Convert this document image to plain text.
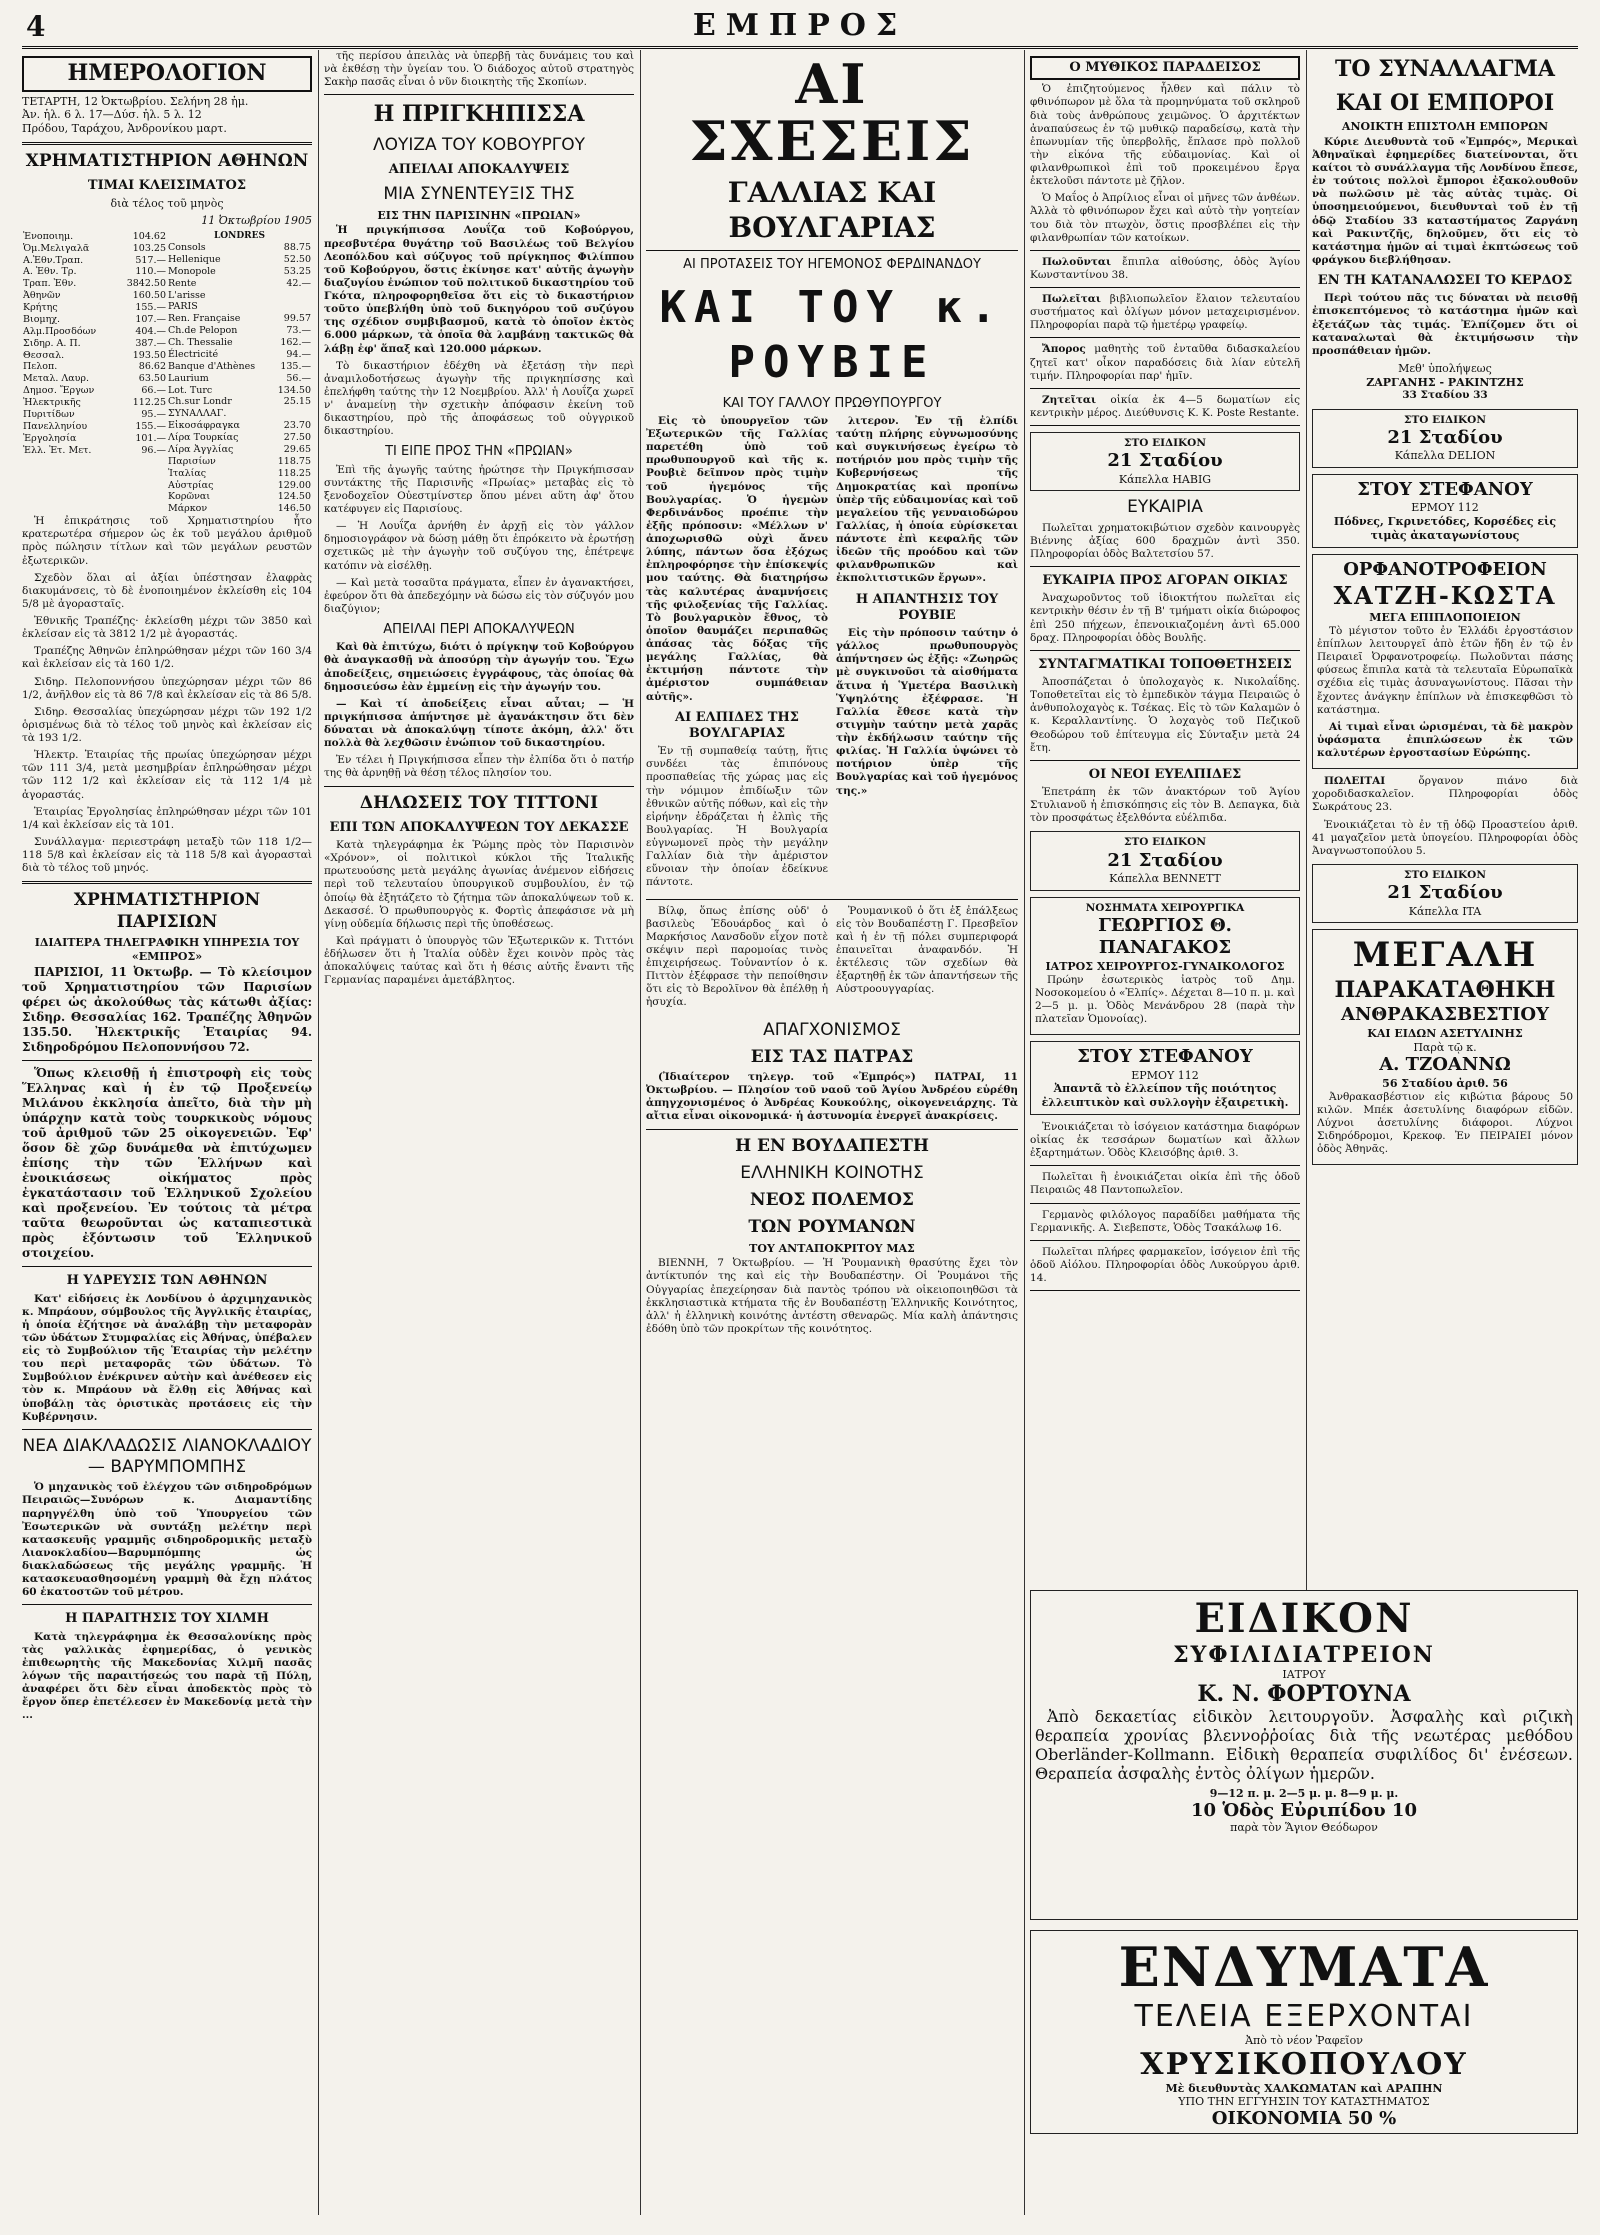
4	ΕΜΠΡΟΣ
ΗΜΕΡΟΛΟΓΙΟΝ
ΤΕΤΑΡΤΗ, 12 Ὀκτωβρίου. Σελήνη 28 ἡμ.
Ἀν. ἡλ. 6 λ. 17—Δύσ. ἡλ. 5 λ. 12
Πρόδου, Ταράχου, Ἀνδρονίκου μαρτ.
ΧΡΗΜΑΤΙΣΤΗΡΙΟΝ ΑΘΗΝΩΝ
ΤΙΜΑΙ ΚΛΕΙΣΙΜΑΤΟΣ
διὰ τέλος τοῦ μηνὸς
11 Ὀκτωβρίου 1905
Ἐνοπoιημ.	104.62
Ὁμ.Μελιγαλᾶ	103.25
Α.Ἐθν.Τραπ.	517.—
Α. Ἐθν. Τρ.	110.—
Τραπ. Ἐθν.	3842.50
Ἀθηνῶν	160.50
Κρήτης	155.—
Βιομηχ.	107.—
Αλμ.Προσδόων	404.—
Σιδηρ. Α. Π.	387.—
Θεσσαλ.	193.50
Πελοπ.	86.62
Μεταλ. Λαυρ.	63.50
Δημοσ. Ἔργων	66.—
Ἠλεκτρικῆς	112.25
Πυριτίδων	95.—
Πανελληνίου	155.—
Ἐργολησία	101.—
Ἑλλ. Ἐτ. Μετ.	96.—
LONDRES
Consols	88.75
Hellenique	52.50
Monopole	53.25
Rente	42.—
L'arisse	
PARIS	
Ren. Française	99.57
Ch.de Pelopon	73.—
Ch. Thessalie	162.—
Électricité	94.—
Banque d'Athènes	135.—
Laurium	56.—
Lot. Turc	134.50
Ch.sur Londr	25.15
ΣΥΝΑΛΛΑΓ.	
Εἰκοσάφραγκα	23.70
Λίρα Τουρκίας	27.50
Λίρα Ἀγγλίας	29.65
Παρισίων	118.75
Ἰταλίας	118.25
Αὐστρίας	129.00
Κορῶναι	124.50
Μάρκον	146.50

Ἡ ἐπικράτησις τοῦ Χρηματιστηρίου ἦτο κρατερωτέρα σήμερον ὡς ἐκ τοῦ μεγάλου ἀριθμοῦ πρὸς πώλησιν τίτλων καὶ τῶν μεγάλων ρευστῶν ἐξωτερικῶν.

Σχεδὸν ὅλαι αἱ ἀξίαι ὑπέστησαν ἐλαφρὰς διακυμάνσεις, τὸ δὲ ἐνοποιημένον ἐκλείσθη εἰς 104 5/8 μὲ ἀγορασταῖς.

Ἐθνικῆς Τραπέζης· ἐκλείσθη μέχρι τῶν 3850 καὶ ἐκλείσαν εἰς τὰ 3812 1/2 μὲ ἀγοραστάς.

Τραπέζης Ἀθηνῶν ἐπληρώθησαν μέχρι τῶν 160 3/4 καὶ ἐκλείσαν εἰς τὰ 160 1/2.

Σιδηρ. Πελοποννήσου ὑπεχώρησαν μέχρι τῶν 86 1/2, ἀνῆλθον εἰς τὰ 86 7/8 καὶ ἐκλείσαν εἰς τὰ 86 5/8.

Σιδηρ. Θεσσαλίας ὑπεχώρησαν μέχρι τῶν 192 1/2 ὁρισμένως διὰ τὸ τέλος τοῦ μηνὸς καὶ ἐκλείσαν εἰς τὰ 193 1/2.

Ἠλεκτρ. Ἑταιρίας τῆς πρωίας ὑπεχώρησαν μέχρι τῶν 111 3/4, μετὰ μεσημβρίαν ἐπληρώθησαν μέχρι τῶν 112 1/2 καὶ ἐκλείσαν εἰς τὰ 112 1/4 μὲ ἀγοραστάς.

Ἑταιρίας Ἐργολησίας ἐπληρώθησαν μέχρι τῶν 101 1/4 καὶ ἐκλείσαν εἰς τὰ 101.

Συνάλλαγμα· περιεστράφη μεταξὺ τῶν 118 1/2—118 5/8 καὶ ἐκλείσαν εἰς τὰ 118 5/8 καὶ ἀγορασταὶ διὰ τὸ τέλος τοῦ μηνός.

ΧΡΗΜΑΤΙΣΤΗΡΙΟΝ ΠΑΡΙΣΙΩΝ
ΙΔΙΑΙΤΕΡΑ ΤΗΛΕΓΡΑΦΙΚΗ ΥΠΗΡΕΣΙΑ ΤΟΥ «ΕΜΠΡΟΣ»

ΠΑΡΙΣΙΟΙ, 11 Ὀκτωβρ. — Τὸ κλείσιμον τοῦ Χρηματιστηρίου τῶν Παρισίων φέρει ὡς ἀκολούθως τὰς κάτωθι ἀξίας: Σιδηρ. Θεσσαλίας 162. Τραπέζης Ἀθηνῶν 135.50. Ἠλεκτρικῆς Ἑταιρίας 94. Σιδηροδρόμου Πελοποννήσου 72.

Ὅπως κλεισθῇ ἡ ἐπιστροφὴ εἰς τοὺς Ἕλληνας καὶ ἡ ἐν τῷ Προξενείῳ Μιλάνου ἐκκλησία ἀπεῖτο, διὰ τὴν μὴ ὑπάρχην κατὰ τοὺς τουρκικοὺς νόμους τοῦ ἀριθμοῦ τῶν 25 οἰκογενειῶν. Ἐφ' ὅσον δὲ χῶρ δυνάμεθα νὰ ἐπιτύχωμεν ἐπίσης τὴν τῶν Ἑλλήνων καὶ ἐνοικιάσεως οἰκήματος πρὸς ἐγκατάστασιν τοῦ Ἑλληνικοῦ Σχολείου καὶ προξενείου. Ἐν τούτοις τὰ μέτρα ταῦτα θεωροῦνται ὡς καταπιεστικὰ πρὸς ἐξόντωσιν τοῦ Ἑλληνικοῦ στοιχείου.

Η ΥΔΡΕΥΣΙΣ ΤΩΝ ΑΘΗΝΩΝ

Κατ' εἰδήσεις ἐκ Λονδίνου ὁ ἀρχιμηχανικὸς κ. Μπράουν, σύμβουλος τῆς Ἀγγλικῆς ἑταιρίας, ἡ ὁποία ἐζήτησε νὰ ἀναλάβῃ τὴν μεταφορὰν τῶν ὑδάτων Στυμφαλίας εἰς Ἀθήνας, ὑπέβαλεν εἰς τὸ Συμβούλιον τῆς Ἑταιρίας τὴν μελέτην του περὶ μεταφορᾶς τῶν ὑδάτων. Τὸ Συμβούλιον ἐνέκρινεν αὐτὴν καὶ ἀνέθεσεν εἰς τὸν κ. Μπράουν νὰ ἔλθῃ εἰς Ἀθήνας καὶ ὑποβάλῃ τὰς ὁριστικὰς προτάσεις εἰς τὴν Κυβέρνησιν.

ΝΕΑ ΔΙΑΚΛΑΔΩΣΙΣ ΛΙΑΝΟΚΛΑΔΙΟΥ — ΒΑΡΥΜΠΟΜΠΗΣ

Ὁ μηχανικὸς τοῦ ἐλέγχου τῶν σιδηροδρόμων Πειραιῶς—Συνόρων κ. Διαμαντίδης παρηγγέλθη ὑπὸ τοῦ Ὑπουργείου τῶν Ἐσωτερικῶν νὰ συντάξῃ μελέτην περὶ κατασκευῆς γραμμῆς σιδηροδρομικῆς μεταξὺ Λιανοκλαδίου—Βαρυμπόμπης ὡς διακλαδώσεως τῆς μεγάλης γραμμῆς. Ἡ κατασκευασθησομένη γραμμὴ θὰ ἔχῃ πλάτος 60 ἑκατοστῶν τοῦ μέτρου.

Η ΠΑΡΑΙΤΗΣΙΣ ΤΟΥ ΧΙΛΜΗ

Κατὰ τηλεγράφημα ἐκ Θεσσαλονίκης πρὸς τὰς γαλλικὰς ἐφημερίδας, ὁ γενικὸς ἐπιθεωρητὴς τῆς Μακεδονίας Χιλμῆ πασᾶς λόγων τῆς παραιτήσεώς του παρὰ τῇ Πύλῃ, ἀναφέρει ὅτι δὲν εἶναι ἀποδεκτὸς πρὸς τὸ ἔργον ὅπερ ἐπετέλεσεν ἐν Μακεδονίᾳ μετὰ τὴν ...

τῆς περίσου ἀπειλὰς νὰ ὑπερβῇ τὰς δυνάμεις του καὶ νὰ ἐκθέσῃ τὴν ὑγείαν του. Ὁ διάδοχος αὐτοῦ στρατηγὸς Σακὴρ πασᾶς εἶναι ὁ νῦν διοικητὴς τῆς Σκοπίων.

Η ΠΡΙΓΚΗΠΙΣΣΑ
ΛΟΥΙΖΑ ΤΟΥ ΚΟΒΟΥΡΓΟΥ
ΑΠΕΙΛΑΙ ΑΠΟΚΑΛΥΨΕΙΣ
ΜΙΑ ΣΥΝΕΝΤΕΥΞΙΣ ΤΗΣ
ΕΙΣ ΤΗΝ ΠΑΡΙΣΙΝΗΝ «ΠΡΩΙΑΝ»

Ἡ πριγκήπισσα Λουΐζα τοῦ Κοβούργου, πρεσβυτέρα θυγάτηρ τοῦ Βασιλέως τοῦ Βελγίου Λεοπόλδου καὶ σύζυγος τοῦ πρίγκηπος Φιλίππου τοῦ Κοβούργου, ὅστις ἐκίνησε κατ' αὐτῆς ἀγωγὴν διαζυγίου ἐνώπιον τοῦ πολιτικοῦ δικαστηρίου τοῦ Γκότα, πληροφορηθεῖσα ὅτι εἰς τὸ δικαστήριον τοῦτο ὑπεβλήθη ὑπὸ τοῦ δικηγόρου τοῦ συζύγου της σχέδιον συμβιβασμοῦ, κατὰ τὸ ὁποῖον ἐκτὸς 6.000 μάρκων, τὰ ὁποῖα θὰ λαμβάνῃ τακτικῶς θὰ λάβῃ ἐφ' ἅπαξ καὶ 120.000 μάρκων.

Τὸ δικαστήριον ἐδέχθη νὰ ἐξετάσῃ τὴν περὶ ἀναμιλοδοτήσεως ἀγωγὴν τῆς πριγκηπίσσης καὶ ἐπελήφθη ταύτης τὴν 12 Νοεμβρίου. Ἀλλ' ἡ Λουΐζα χωρεῖ ν' ἀναμείνῃ τὴν σχετικὴν ἀπόφασιν ἐκείνη τοῦ δικαστηρίου, πρὸ τῆς ἀποφάσεως τοῦ οὐγγρικοῦ δικαστηρίου.

ΤΙ ΕΙΠΕ ΠΡΟΣ ΤΗΝ «ΠΡΩΙΑΝ»

Ἐπὶ τῆς ἀγωγῆς ταύτης ἠρώτησε τὴν Πριγκήπισσαν συντάκτης τῆς Παρισινῆς «Πρωίας» μεταβὰς εἰς τὸ ξενοδοχεῖον Οὐεστμίνστερ ὅπου μένει αὕτη ἀφ' ὅτου κατέφυγεν εἰς Παρισίους.

— Ἡ Λουΐζα ἀρνήθη ἐν ἀρχῇ εἰς τὸν γάλλον δημοσιογράφον νὰ δώσῃ μάθῃ ὅτι ἐπρόκειτο νὰ ἐρωτήσῃ σχετικῶς μὲ τὴν ἀγωγὴν τοῦ συζύγου της, ἐπέτρεψε κατόπιν νὰ εἰσέλθῃ.

— Καὶ μετὰ τοσαῦτα πράγματα, εἶπεν ἐν ἀγανακτήσει, ἐφεύρον ὅτι θὰ ἀπεδεχόμην νὰ δώσω εἰς τὸν σύζυγόν μου διαζύγιον;

ΑΠΕΙΛΑΙ ΠΕΡΙ ΑΠΟΚΑΛΥΨΕΩΝ

Καὶ θὰ ἐπιτύχω, διότι ὁ πρίγκηψ τοῦ Κοβούργου θὰ ἀναγκασθῇ νὰ ἀποσύρῃ τὴν ἀγωγήν του. Ἔχω ἀποδείξεις, σημειώσεις ἐγγράφους, τὰς ὁποίας θὰ δημοσιεύσω ἐὰν ἐμμείνῃ εἰς τὴν ἀγωγήν του.

— Καὶ τί ἀποδείξεις εἶναι αὗται; — Ἡ πριγκήπισσα ἀπήντησε μὲ ἀγανάκτησιν ὅτι δὲν δύναται νὰ ἀποκαλύψῃ τίποτε ἀκόμη, ἀλλ' ὅτι πολλὰ θὰ λεχθῶσιν ἐνώπιον τοῦ δικαστηρίου.

Ἐν τέλει ἡ Πριγκήπισσα εἶπεν τὴν ἐλπίδα ὅτι ὁ πατήρ της θὰ ἀρνηθῇ νὰ θέσῃ τέλος πλησίον του.

ΔΗΛΩΣΕΙΣ ΤΟΥ ΤΙΤΤΟΝΙ
ΕΠΙ ΤΩΝ ΑΠΟΚΑΛΥΨΕΩΝ ΤΟΥ ΔΕΚΑΣΣΕ

Κατὰ τηλεγράφημα ἐκ Ῥώμης πρὸς τὸν Παρισινὸν «Χρόνον», οἱ πολιτικοὶ κύκλοι τῆς Ἰταλικῆς πρωτευούσης μετὰ μεγάλης ἀγωνίας ἀνέμενον εἰδήσεις περὶ τοῦ τελευταίου ὑπουργικοῦ συμβουλίου, ἐν τῷ ὁποίῳ θὰ ἐξητάζετο τὸ ζήτημα τῶν ἀποκαλύψεων τοῦ κ. Δεκασσέ. Ὁ πρωθυπουργὸς κ. Φορτὶς ἀπεφάσισε νὰ μὴ γίνῃ οὐδεμία δήλωσις περὶ τῆς ὑποθέσεως.

Καὶ πράγματι ὁ ὑπουργὸς τῶν Ἐξωτερικῶν κ. Τιττόνι ἐδήλωσεν ὅτι ἡ Ἰταλία οὐδὲν ἔχει κοινὸν πρὸς τὰς ἀποκαλύψεις ταύτας καὶ ὅτι ἡ θέσις αὐτῆς ἔναντι τῆς Γερμανίας παραμένει ἀμετάβλητος.

ΑΙ ΣΧΕΣΕΙΣ
ΓΑΛΛΙΑΣ ΚΑΙ ΒΟΥΛΓΑΡΙΑΣ
ΑΙ ΠΡΟΤΑΣΕΙΣ ΤΟΥ ΗΓΕΜΟΝΟΣ ΦΕΡΔΙΝΑΝΔΟΥ
ΚΑΙ ΤΟΥ κ. ΡΟΥΒΙΕ
ΚΑΙ ΤΟΥ ΓΑΛΛΟΥ ΠΡΩΘΥΠΟΥΡΓΟΥ

Εἰς τὸ ὑπουργεῖον τῶν Ἐξωτερικῶν τῆς Γαλλίας παρετέθη ὑπὸ τοῦ πρωθυπουργοῦ καὶ τῆς κ. Ρουβιὲ δεῖπνον πρὸς τιμὴν τοῦ ἡγεμόνος τῆς Βουλγαρίας. Ὁ ἡγεμὼν Φερδινάνδος προέπιε τὴν ἑξῆς πρόποσιν: «Μέλλων ν' ἀποχωρισθῶ οὐχὶ ἄνευ λύπης, πάντων ὅσα ἐξόχως ἐπληροφόρησε τὴν ἐπίσκεψίς μου ταύτης. Θὰ διατηρήσω τὰς καλυτέρας ἀναμνήσεις τῆς φιλοξενίας τῆς Γαλλίας. Τὸ βουλγαρικὸν ἔθνος, τὸ ὁποῖον θαυμάζει περιπαθῶς ἀπάσας τὰς δόξας τῆς μεγάλης Γαλλίας, θὰ ἐκτιμήσῃ πάντοτε τὴν ἀμέριστον συμπάθειαν αὐτῆς».

ΑΙ ΕΛΠΙΔΕΣ ΤΗΣ ΒΟΥΛΓΑΡΙΑΣ

Ἐν τῇ συμπαθείᾳ ταύτῃ, ἥτις συνδέει τὰς ἐπιπόνους προσπαθείας τῆς χώρας μας εἰς τὴν νόμιμον ἐπιδίωξιν τῶν ἐθνικῶν αὐτῆς πόθων, καὶ εἰς τὴν εἰρήνην ἐδράζεται ἡ ἐλπὶς τῆς Βουλγαρίας. Ἡ Βουλγαρία εὐγνωμονεῖ πρὸς τὴν μεγάλην Γαλλίαν διὰ τὴν ἀμέριστον εὔνοιαν τὴν ὁποίαν ἐδείκνυε πάντοτε.

λιτερον. Ἐν τῇ ἐλπίδι ταύτῃ πλήρης εὐγνωμοσύνης καὶ συγκινήσεως ἐγείρω τὸ ποτήριόν μου πρὸς τιμὴν τῆς Κυβερνήσεως τῆς Δημοκρατίας καὶ προπίνω ὑπὲρ τῆς εὐδαιμονίας καὶ τοῦ μεγαλείου τῆς γενναιοδώρου Γαλλίας, ἡ ὁποία εὑρίσκεται πάντοτε ἐπὶ κεφαλῆς τῶν ἰδεῶν τῆς προόδου καὶ τῶν φιλανθρωπικῶν καὶ ἐκπολιτιστικῶν ἔργων».

Η ΑΠΑΝΤΗΣΙΣ ΤΟΥ ΡΟΥΒΙΕ

Εἰς τὴν πρόποσιν ταύτην ὁ γάλλος πρωθυπουργὸς ἀπήντησεν ὡς ἑξῆς: «Ζωηρῶς μὲ συγκινοῦσι τὰ αἰσθήματα ἅτινα ἡ Ὑμετέρα Βασιλικὴ Ὑψηλότης ἐξέφρασε. Ἡ Γαλλία ἔθεσε κατὰ τὴν στιγμὴν ταύτην μετὰ χαρᾶς τὴν ἐκδήλωσιν ταύτην τῆς φιλίας. Ἡ Γαλλία ὑψώνει τὸ ποτήριον ὑπὲρ τῆς Βουλγαρίας καὶ τοῦ ἡγεμόνος της.»

Βίλφ, ὅπως ἐπίσης οὐδ' ὁ βασιλεὺς Ἐδουάρδος καὶ ὁ Μαρκήσιος Λανσδοῦν εἶχον ποτὲ σκέψιν περὶ παρομοίας τινὸς ἐπιχειρήσεως. Τοὐναντίον ὁ κ. Πιττὸν ἐξέφρασε τὴν πεποίθησιν ὅτι εἰς τὸ Βερολῖνον θὰ ἐπέλθῃ ἡ ἡσυχία.

Ῥουμανικοῦ ὁ ὅτι ἐξ ἐπάλξεως εἰς τὸν Βουδαπέστῃ Γ. Πρεσβεῖον καὶ ἡ ἐν τῇ πόλει συμπεριφορά ἐπαινεῖται ἀναφανδόν. Ἡ ἐκτέλεσις τῶν σχεδίων θὰ ἐξαρτηθῇ ἐκ τῶν ἀπαντήσεων τῆς Αὐστροουγγαρίας.

ΑΠΑΓΧΟΝΙΣΜΟΣ
ΕΙΣ ΤΑΣ ΠΑΤΡΑΣ

(Ἰδιαίτερον τηλεγρ. τοῦ «Ἐμπρός») ΠΑΤΡΑΙ, 11 Ὀκτωβρίου. — Πλησίον τοῦ ναοῦ τοῦ Ἁγίου Ἀνδρέου εὑρέθη ἀπηγχονισμένος ὁ Ἀνδρέας Κουκούλης, οἰκογενειάρχης. Τὰ αἴτια εἶναι οἰκονομικά· ἡ ἀστυνομία ἐνεργεῖ ἀνακρίσεις.

Η ΕΝ ΒΟΥΔΑΠΕΣΤΗ
ΕΛΛΗΝΙΚΗ ΚΟΙΝΟΤΗΣ
ΝΕΟΣ ΠΟΛΕΜΟΣ
ΤΩΝ ΡΟΥΜΑΝΩΝ
ΤΟΥ ΑΝΤΑΠΟΚΡΙΤΟΥ ΜΑΣ

ΒΙΕΝΝΗ, 7 Ὀκτωβρίου. — Ἡ Ῥουμανικὴ θρασύτης ἔχει τὸν ἀντίκτυπόν της καὶ εἰς τὴν Βουδαπέστην. Οἱ Ῥουμάνοι τῆς Οὐγγαρίας ἐπεχείρησαν διὰ παντὸς τρόπου νὰ οἰκειοποιηθῶσι τὰ ἐκκλησιαστικὰ κτήματα τῆς ἐν Βουδαπέστῃ Ἑλληνικῆς Κοινότητος, ἀλλ' ἡ ἑλληνικὴ κοινότης ἀντέστη σθεναρῶς. Μία καλὴ ἀπάντησις ἐδόθη ὑπὸ τῶν προκρίτων τῆς κοινότητος.

Ο ΜΥΘΙΚΟΣ ΠΑΡΑΔΕΙΣΟΣ

Ὁ ἐπιζητούμενος ἦλθεν καὶ πάλιν τὸ φθινόπωρον μὲ ὅλα τὰ προμηνύματα τοῦ σκληροῦ διὰ τοὺς ἀνθρώπους χειμῶνος. Ὁ ἀρχιτέκτων ἀναπαύσεως ἐν τῷ μυθικῷ παραδείσῳ, κατὰ τὴν ἐπωνυμίαν τῆς ὑπερβολῆς, ἔπλασε πρὸ πολλοῦ τὴν εἰκόνα τῆς εὐδαιμονίας. Καὶ οἱ φιλανθρωπικοὶ ἐπὶ τοῦ προκειμένου ἔργα ἐκτελοῦσι πάντοτε μὲ ζῆλον.

Ὁ Μαΐος ὁ Ἀπρίλιος εἶναι οἱ μῆνες τῶν ἀνθέων. Ἀλλὰ τὸ φθινόπωρον ἔχει καὶ αὐτὸ τὴν γοητείαν του διὰ τὸν πτωχὸν, ὅστις προσβλέπει εἰς τὴν φιλανθρωπίαν τῶν κατοίκων.

Πωλοῦνται ἔπιπλα αἰθούσης, ὁδὸς Ἁγίου Κωνσταντίνου 38.

Πωλεῖται βιβλιοπωλεῖον ἔλαιον τελευταίου συστήματος καὶ ὀλίγων μόνον μεταχειρισμένον. Πληροφορίαι παρὰ τῷ ἡμετέρῳ γραφείῳ.

Ἄπορος μαθητὴς τοῦ ἐνταῦθα διδασκαλείου ζητεῖ κατ' οἶκον παραδόσεις διὰ λίαν εὐτελῆ τιμήν. Πληροφορίαι παρ' ἡμῖν.

Ζητεῖται οἰκία ἐκ 4—5 δωματίων εἰς κεντρικὴν μέρος. Διεύθυνσις Κ. Κ. Poste Restante.

ΣΤΟ ΕΙΔΙΚΟΝ
21 Σταδίου
Κάπελλα HABIG
ΕΥΚΑΙΡΙΑ

Πωλεῖται χρηματοκιβώτιον σχεδὸν καινουργὲς Βιέννης ἀξίας 600 δραχμῶν ἀντὶ 350. Πληροφορίαι ὁδὸς Βαλτετσίου 57.

ΕΥΚΑΙΡΙΑ ΠΡΟΣ ΑΓΟΡΑΝ ΟΙΚΙΑΣ

Ἀναχωροῦντος τοῦ ἰδιοκτήτου πωλεῖται εἰς κεντρικὴν θέσιν ἐν τῇ Β' τμήματι οἰκία διώροφος ἐπὶ 250 πήχεων, ἐπενοικιαζομένη ἀντὶ 65.000 δραχ. Πληροφορίαι ὁδὸς Βουλῆς.

ΣΥΝΤΑΓΜΑΤΙΚΑΙ ΤΟΠΟΘΕΤΗΣΕΙΣ

Ἀποσπάζεται ὁ ὑπολοχαγὸς κ. Νικολαΐδης. Τοποθετεῖται εἰς τὸ ἐμπεδικὸν τάγμα Πειραιῶς ὁ ἀνθυπολοχαγὸς κ. Τσέκας. Εἰς τὸ τῶν Καλαμῶν ὁ κ. Κεραλλαντίνης. Ὁ λοχαγὸς τοῦ Πεζικοῦ Θεοδώρου τοῦ ἐπίτευγμα εἰς Σύνταξιν μετὰ 24 ἔτη.

ΟΙ ΝΕΟΙ ΕΥΕΛΠΙΔΕΣ

Ἐπετράπη ἐκ τῶν ἀνακτόρων τοῦ Ἁγίου Στυλιανοῦ ἡ ἐπισκόπησις εἰς τὸν Β. Δεπαγκα, διὰ τὸν προσφάτως ἐξελθόντα εὐέλπιδα.

ΣΤΟ ΕΙΔΙΚΟΝ
21 Σταδίου
Κάπελλα BENNETT
ΝΟΣΗΜΑΤΑ ΧΕΙΡΟΥΡΓΙΚΑ
ΓΕΩΡΓΙΟΣ Θ. ΠΑΝΑΓΑΚΟΣ
ΙΑΤΡΟΣ ΧΕΙΡΟΥΡΓΟΣ-ΓΥΝΑΙΚΟΛΟΓΟΣ

Πρώην ἐσωτερικὸς ἰατρὸς τοῦ Δημ. Νοσοκομείου ὁ «Ἐλπίς». Δέχεται 8—10 π. μ. καὶ 2—5 μ. μ. Ὁδὸς Μενάνδρου 28 (παρὰ τὴν πλατεῖαν Ὁμονοίας).

ΣΤΟΥ ΣΤΕΦΑΝΟΥ
ΕΡΜΟΥ 112
Ἀπαντᾶ τὸ ἐλλείπον τῆς ποιότητος ἐλλειπτικὸν καὶ συλλογὴν ἐξαιρετικὴ.

Ἐνοικιάζεται τὸ ἰσόγειον κατάστημα διαφόρων οἰκίας ἐκ τεσσάρων δωματίων καὶ ἄλλων ἐξαρτημάτων. Ὁδὸς Κλεισόβης ἀριθ. 3.

Πωλεῖται ἢ ἐνοικιάζεται οἰκία ἐπὶ τῆς ὁδοῦ Πειραιῶς 48 Παντοπωλεῖον.

Γερμανὸς φιλόλογος παραδίδει μαθήματα τῆς Γερμανικῆς. Α. Σιεβεπστε, Ὁδὸς Τσακάλωφ 16.

Πωλεῖται πλήρες φαρμακεῖον, ἰσόγειον ἐπὶ τῆς ὁδοῦ Αἰόλου. Πληροφορίαι ὁδὸς Λυκούργου ἀριθ. 14.

ΤΟ ΣΥΝΑΛΛΑΓΜΑ
ΚΑΙ ΟΙ ΕΜΠΟΡΟΙ
ΑΝΟΙΚΤΗ ΕΠΙΣΤΟΛΗ ΕΜΠΟΡΩΝ

Κύριε Διευθυντὰ τοῦ «Ἐμπρός», Μερικαὶ Ἀθηναϊκαὶ ἐφημερίδες διατείνονται, ὅτι καίτοι τὸ συνάλλαγμα τῆς Λονδίνου ἔπεσε, ἐν τούτοις πολλοὶ ἔμποροι ἐξακολουθοῦν νὰ πωλῶσιν μὲ τὰς αὐτὰς τιμὰς. Οἱ ὑποσημειούμενοι, διευθυνταὶ τοῦ ἐν τῇ ὁδῷ Σταδίου 33 καταστήματος Ζαργάνη καὶ Ρακιντζῆς, δηλοῦμεν, ὅτι εἰς τὸ κατάστημα ἡμῶν αἱ τιμαὶ ἐκπτώσεως τοῦ φράγκου διεβλήθησαν.

ΕΝ ΤΗ ΚΑΤΑΝΑΛΩΣΕΙ ΤΟ ΚΕΡΔΟΣ

Περὶ τούτου πᾶς τις δύναται νὰ πεισθῇ ἐπισκεπτόμενος τὸ κατάστημα ἡμῶν καὶ ἐξετάζων τὰς τιμάς. Ἐλπίζομεν ὅτι οἱ καταναλωταὶ θὰ ἐκτιμήσωσιν τὴν προσπάθειαν ἡμῶν.

Μεθ' ὑπολήψεως
ΖΑΡΓΑΝΗΣ - ΡΑΚΙΝΤΖΗΣ
33 Σταδίου 33
ΣΤΟ ΕΙΔΙΚΟΝ
21 Σταδίου
Κάπελλα DELION
ΣΤΟΥ ΣΤΕΦΑΝΟΥ
ΕΡΜΟΥ 112
Πόδνες, Γκρινετόδες, Κορσέδες εἰς τιμὰς ἀκαταγωνίστους
ΟΡΦΑΝΟΤΡΟΦΕΙΟΝ
ΧΑΤΖΗ-ΚΩΣΤΑ
ΜΕΓΑ ΕΠΙΠΛΟΠΟΙΕΙΟΝ

Τὸ μέγιστον τοῦτο ἐν Ἑλλάδι ἐργοστάσιον ἐπίπλων λειτουργεῖ ἀπὸ ἐτῶν ἤδη ἐν τῷ ἐν Πειραιεῖ Ὀρφανοτροφείῳ. Πωλοῦνται πάσης φύσεως ἔπιπλα κατὰ τὰ τελευταῖα Εὐρωπαϊκὰ σχέδια εἰς τιμὰς ἀσυναγωνίστους. Πᾶσαι τὴν ἔχοντες ἀνάγκην ἐπίπλων νὰ ἐπισκεφθῶσι τὸ κατάστημα.

Αἱ τιμαὶ εἶναι ὡρισμέναι, τὰ δὲ μακρὸν ὑφάσματα ἐπιπλώσεων ἐκ τῶν καλυτέρων ἐργοστασίων Εὐρώπης.

ΠΩΛΕΙΤΑΙ	ὄργανον πιάνο διὰ χοροδιδασκαλεῖον. Πληροφορίαι ὁδὸς Σωκράτους 23.

Ἐνοικιάζεται τὸ ἐν τῇ ὁδῷ Προαστείου ἀριθ. 41 μαγαζεῖον μετὰ ὑπογείου. Πληροφορίαι ὁδὸς Ἀναγνωστοπούλου 5.

ΣΤΟ ΕΙΔΙΚΟΝ
21 Σταδίου
Κάπελλα ITA
ΜΕΓΑΛΗ
ΠΑΡΑΚΑΤΑΘΗΚΗ
ΑΝΘΡΑΚΑΣΒΕΣΤΙΟΥ
ΚΑΙ ΕΙΔΩΝ ΑΣΕΤΥΛΙΝΗΣ
Παρὰ τῷ κ.
Α. ΤΖΟΑΝΝΩ
56 Σταδίου ἀριθ. 56

Ἀνθρακασβέστιον εἰς κιβώτια βάρους 50 κιλῶν. Μπέκ ἀσετυλίνης διαφόρων εἰδῶν. Λύχνοι ἀσετυλίνης διάφοροι. Λύχνοι Σιδηρόδρομοι, Κρεκοφ. Ἐν ΠΕΙΡΑΙΕΙ μόνον ὁδὸς Ἀθηνᾶς.

ΕΙΔΙΚΟΝ
ΣΥΦΙΛΙΔΙΑΤΡΕΙΟΝ
ΙΑΤΡΟΥ
Κ. Ν. ΦΟΡΤΟΥΝΑ

Ἀπὸ δεκαετίας εἰδικὸν λειτουργοῦν. Ἀσφαλὴς καὶ ριζικὴ θεραπεία χρονίας βλεννοῤῥοίας διὰ τῆς νεωτέρας μεθόδου Oberländer-Kollmann. Εἰδικὴ θεραπεία συφιλίδος δι' ἐνέσεων. Θεραπεία ἀσφαλὴς ἐντὸς ὀλίγων ἡμερῶν.

9—12 π. μ. 2—5 μ. μ. 8—9 μ. μ.
10 Ὁδὸς Εὐριπίδου 10
παρὰ τὸν Ἅγιον Θεόδωρον
ΕΝΔΥΜΑΤΑ
ΤΕΛΕΙΑ ΕΞΕΡΧΟΝΤΑΙ
Ἀπὸ τὸ νέον Ῥαφεῖον
ΧΡΥΣΙΚΟΠΟΥΛΟΥ
Μὲ διευθυντὰς ΧΑΛΚΩΜΑΤΑΝ καὶ ΑΡΑΠΗΝ
ΥΠΟ ΤΗΝ ΕΓΓΥΗΣΙΝ ΤΟΥ ΚΑΤΑΣΤΗΜΑΤΟΣ
ΟΙΚΟΝΟΜΙΑ 50 %
